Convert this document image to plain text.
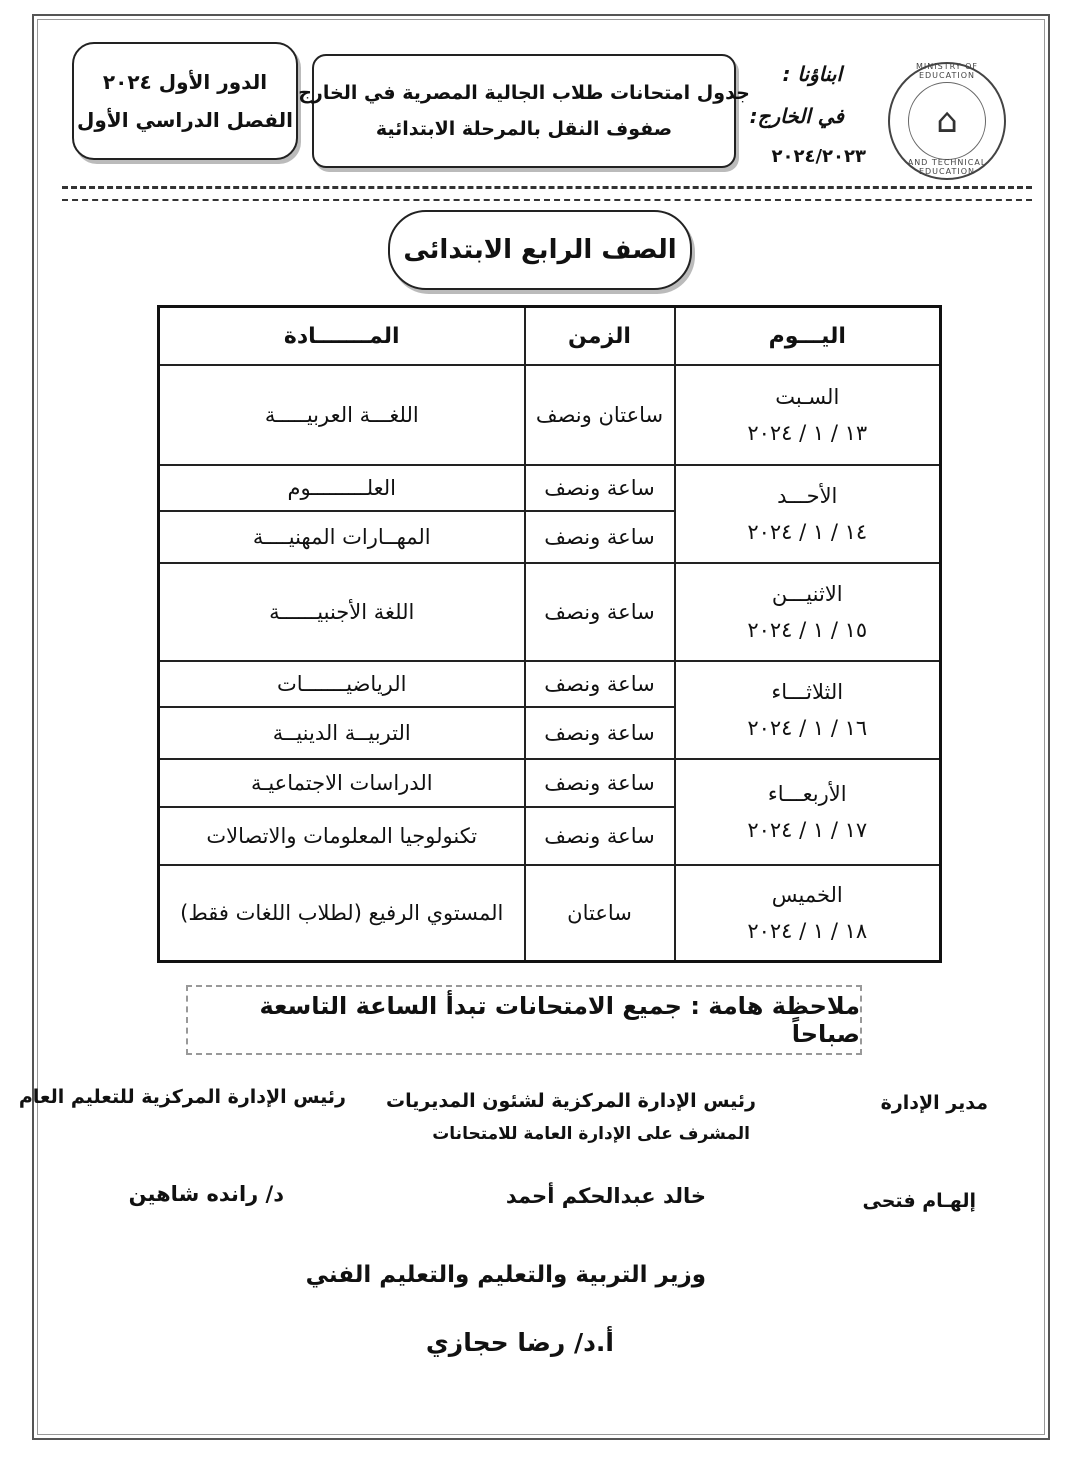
الدور الأول ٢٠٢٤
الفصل الدراسي الأول
جدول امتحانات طلاب الجالية المصرية في الخارج
صفوف النقل بالمرحلة الابتدائية
ابناؤنا :
في الخارج:
٢٠٢٤/٢٠٢٣
MINISTRY OF EDUCATION
⌂
AND TECHNICAL EDUCATION
الصف الرابع الابتدائى
اليـــوم	الزمن	المـــــــادة

السـبت
١٣ / ١ / ٢٠٢٤	ساعتان ونصف	اللغـــة العربيـــــة

الأحـــد
١٤ / ١ / ٢٠٢٤	ساعة ونصف	العلـــــــــوم
	ساعة ونصف	المهــارات المهنيــــة

الاثنيـــن
١٥ / ١ / ٢٠٢٤	ساعة ونصف	اللغة الأجنبيــــــة

الثلاثـــاء
١٦ / ١ / ٢٠٢٤	ساعة ونصف	الرياضيـــــــات
	ساعة ونصف	التربيــة الدينيــة

الأربعـــاء
١٧ / ١ / ٢٠٢٤	ساعة ونصف	الدراسات الاجتماعيـة
	ساعة ونصف	تكنولوجيا المعلومات والاتصالات

الخميس
١٨ / ١ / ٢٠٢٤	ساعتان	المستوي الرفيع (لطلاب اللغات فقط)
ملاحظة هامة : جميع الامتحانات تبدأ الساعة التاسعة صباحاً
مدير الإدارة
إلهـام فتحى
رئيس الإدارة المركزية لشئون المديريات
المشرف على الإدارة العامة للامتحانات
خالد عبدالحكم أحمد
رئيس الإدارة المركزية للتعليم العام
د/ رانده شاهين
وزير التربية والتعليم والتعليم الفني
أ.د/ رضا حجازي
